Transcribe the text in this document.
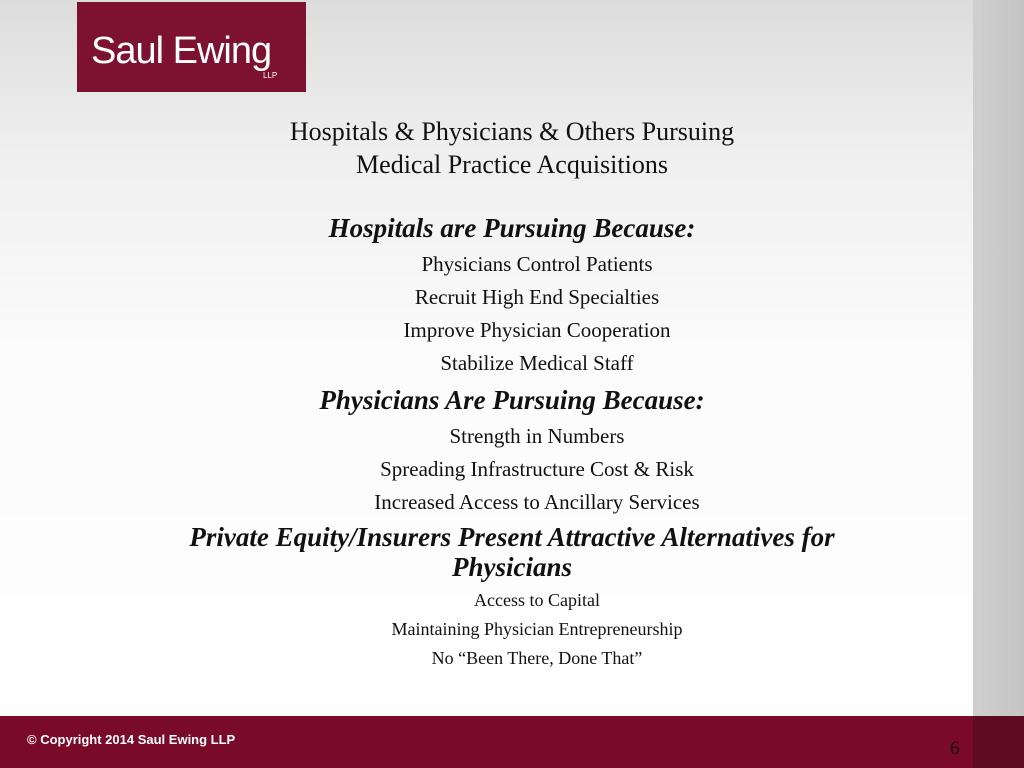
Saul Ewing
LLP
Hospitals & Physicians & Others Pursuing
Medical Practice Acquisitions
Hospitals are Pursuing Because:
Physicians Control Patients
Recruit High End Specialties
Improve Physician Cooperation
Stabilize Medical Staff
Physicians Are Pursuing Because:
Strength in Numbers
Spreading Infrastructure Cost & Risk
Increased Access to Ancillary Services
Private Equity/Insurers Present Attractive Alternatives for
Physicians
Access to Capital
Maintaining Physician Entrepreneurship
No “Been There, Done That”
© Copyright 2014 Saul Ewing LLP	6
